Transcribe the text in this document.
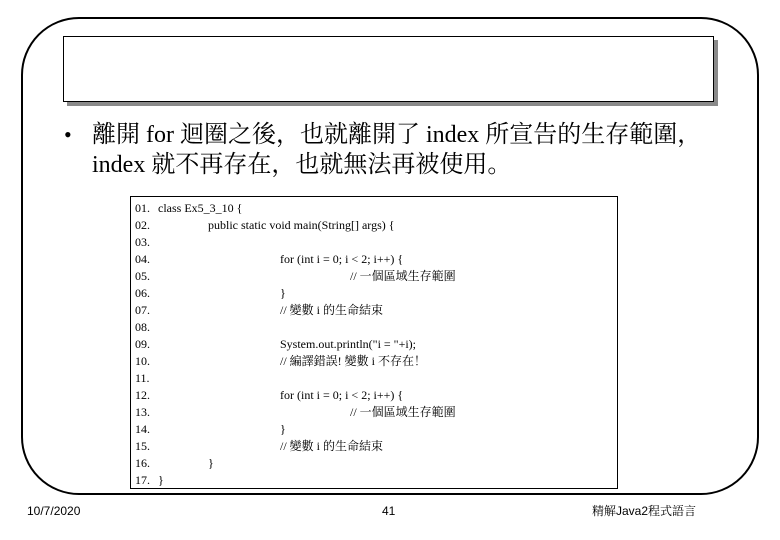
• 離開 for 迴圈之後，也就離開了 index 所宣告的生存範圍，index 就不再存在，也就無法再被使用。
01. class Ex5_3_10 {
02.	public static void main(String[] args) {
03.
04.	for (int i = 0; i < 2; i++) {
05.	// 一個區域生存範圍
06.	}
07.	// 變數 i 的生命結束
08.
09.	System.out.println("i = "+i);
10.	// 編譯錯誤! 變數 i 不存在！
11.
12.	for (int i = 0; i < 2; i++) {
13.	// 一個區域生存範圍
14.	}
15.	// 變數 i 的生命結束
16.	}
17. }
10/7/2020	41	精解Java2程式語言
